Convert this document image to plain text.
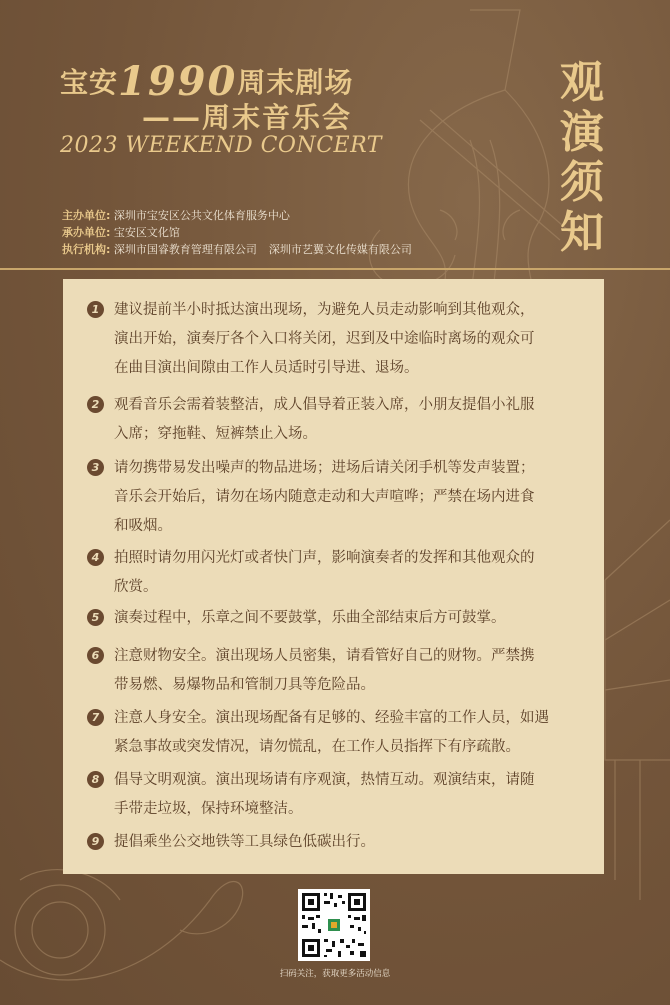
宝安1990周末剧场
——周末音乐会
2023 WEEKEND CONCERT
观
演
须
知
主办单位: 深圳市宝安区公共文化体育服务中心
承办单位: 宝安区文化馆
执行机构: 深圳市国睿教育管理有限公司 深圳市艺翼文化传媒有限公司
1	建议提前半小时抵达演出现场，为避免人员走动影响到其他观众，
演出开始，演奏厅各个入口将关闭，迟到及中途临时离场的观众可
在曲目演出间隙由工作人员适时引导进、退场。
2	观看音乐会需着装整洁，成人倡导着正装入席，小朋友提倡小礼服
入席；穿拖鞋、短裤禁止入场。
3	请勿携带易发出噪声的物品进场；进场后请关闭手机等发声装置；
音乐会开始后，请勿在场内随意走动和大声喧哗；严禁在场内进食
和吸烟。
4	拍照时请勿用闪光灯或者快门声，影响演奏者的发挥和其他观众的
欣赏。
5	演奏过程中，乐章之间不要鼓掌，乐曲全部结束后方可鼓掌。
6	注意财物安全。演出现场人员密集，请看管好自己的财物。严禁携
带易燃、易爆物品和管制刀具等危险品。
7	注意人身安全。演出现场配备有足够的、经验丰富的工作人员，如遇
紧急事故或突发情况，请勿慌乱，在工作人员指挥下有序疏散。
8	倡导文明观演。演出现场请有序观演，热情互动。观演结束，请随
手带走垃圾，保持环境整洁。
9	提倡乘坐公交地铁等工具绿色低碳出行。
扫码关注，获取更多活动信息
